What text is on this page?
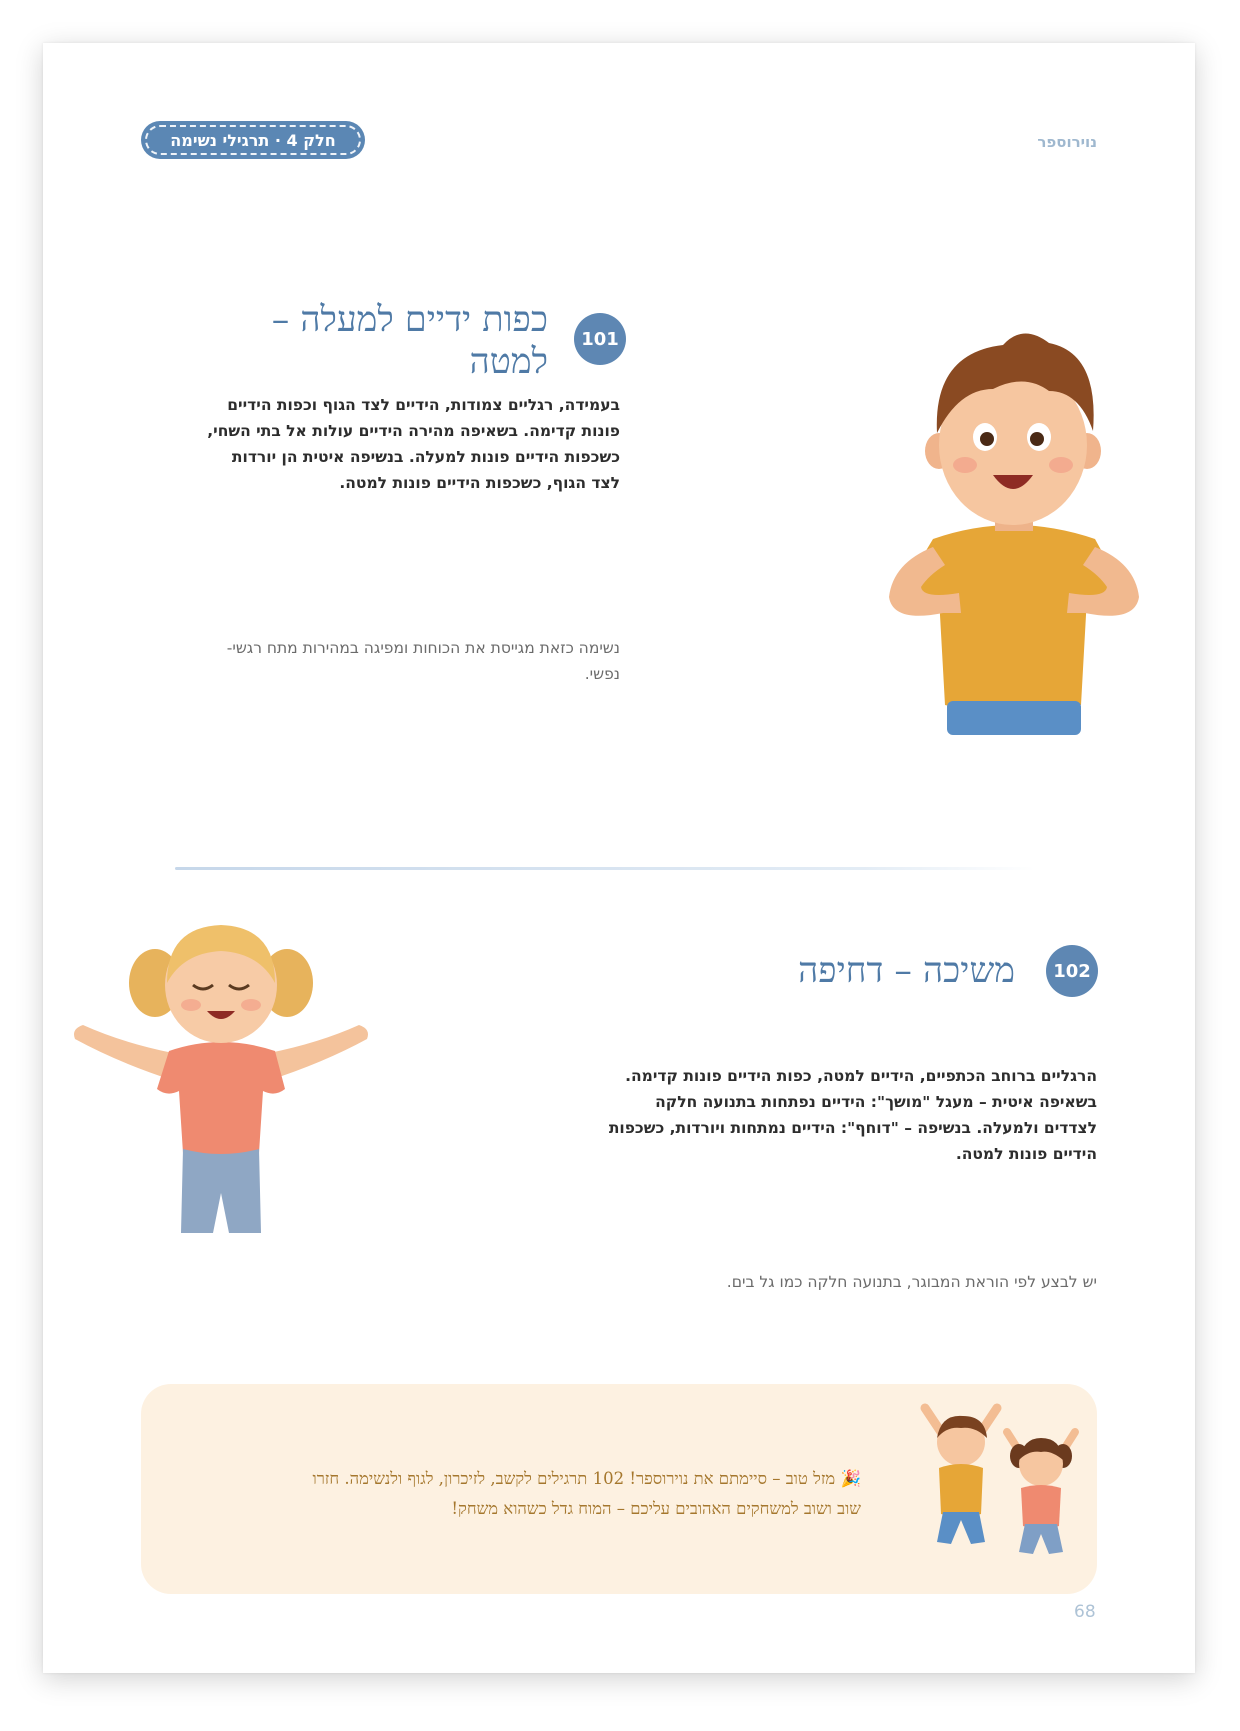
נוירוספר
חלק 4 · תרגילי נשימה
101
כפות ידיים למעלה –
למטה
בעמידה, רגליים צמודות, הידיים לצד הגוף וכפות הידיים
פונות קדימה. בשאיפה מהירה הידיים עולות אל בתי השחי,
כשכפות הידיים פונות למעלה. בנשיפה איטית הן יורדות
לצד הגוף, כשכפות הידיים פונות למטה.
נשימה כזאת מגייסת את הכוחות ומפיגה במהירות מתח רגשי-
נפשי.
102
משיכה – דחיפה
הרגליים ברוחב הכתפיים, הידיים למטה, כפות הידיים פונות קדימה.
בשאיפה איטית – מעגל "מושך": הידיים נפתחות בתנועה חלקה
לצדדים ולמעלה. בנשיפה – "דוחף": הידיים נמתחות ויורדות, כשכפות
הידיים פונות למטה.
יש לבצע לפי הוראת המבוגר, בתנועה חלקה כמו גל בים.
🎉 מזל טוב – סיימתם את נוירוספר! 102 תרגילים לקשב, לזיכרון, לגוף ולנשימה. חזרו
שוב ושוב למשחקים האהובים עליכם – המוח גדל כשהוא משחק!
68
